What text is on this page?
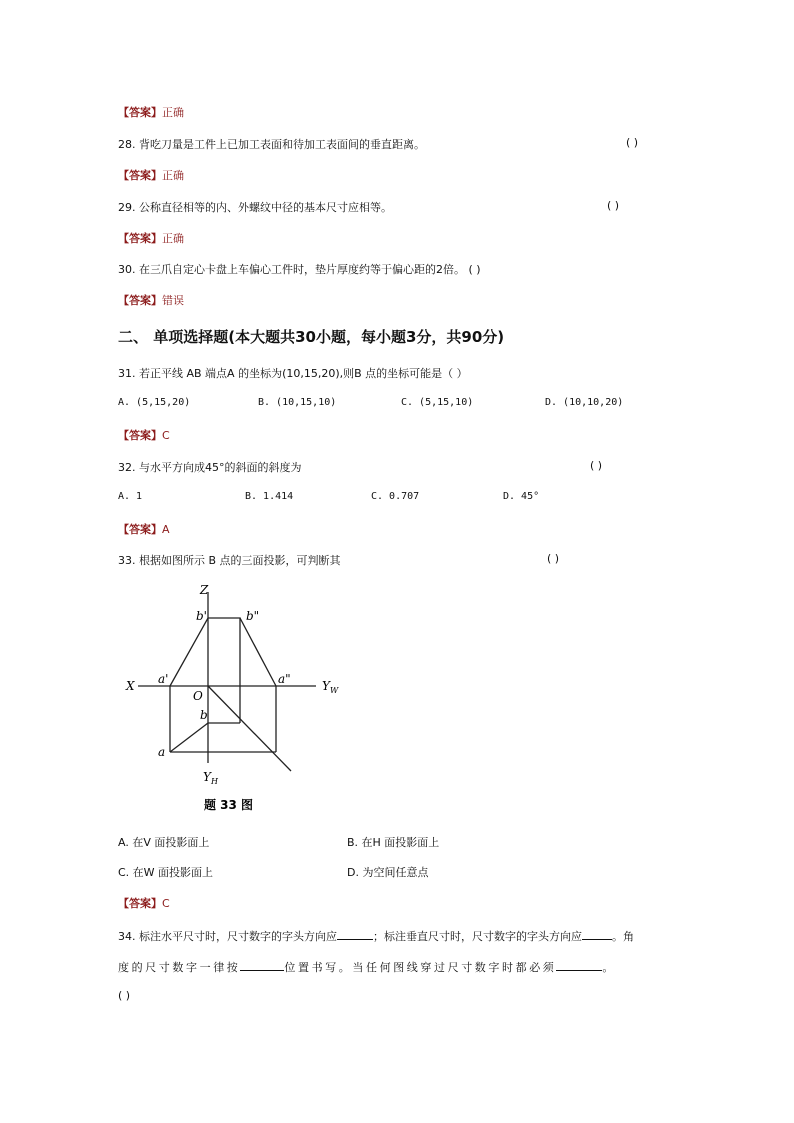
【答案】正确
28. 背吃刀量是工件上已加工表面和待加工表面间的垂直距离。	( )
【答案】正确
29. 公称直径相等的内、外螺纹中径的基本尺寸应相等。	( )
【答案】正确
30. 在三爪自定心卡盘上车偏心工件时，垫片厚度约等于偏心距的2倍。 ( )
【答案】错误
二、 单项选择题(本大题共30小题，每小题3分，共90分)
31. 若正平线 AB 端点A 的坐标为(10,15,20),则B 点的坐标可能是（ ）
A. (5,15,20)	B. (10,15,10)	C. (5,15,10)	D. (10,10,20)
【答案】C
32. 与水平方向成45°的斜面的斜度为	( )
A. 1	B. 1.414	C. 0.707	D. 45°
【答案】A
33. 根据如图所示 B 点的三面投影，可判断其	( )
Z
b'	b"
a'	a"
X
O
Y W
b
a
Y H
题 33 图
A. 在V 面投影面上	B. 在H 面投影面上
C. 在W 面投影面上	D. 为空间任意点
【答案】C
34. 标注水平尺寸时，尺寸数字的字头方向应	；标注垂直尺寸时，尺寸数字的字头方向应	。角
度的尺寸数字一律按	位置书写。当任何图线穿过尺寸数字时都必须	。
( )
